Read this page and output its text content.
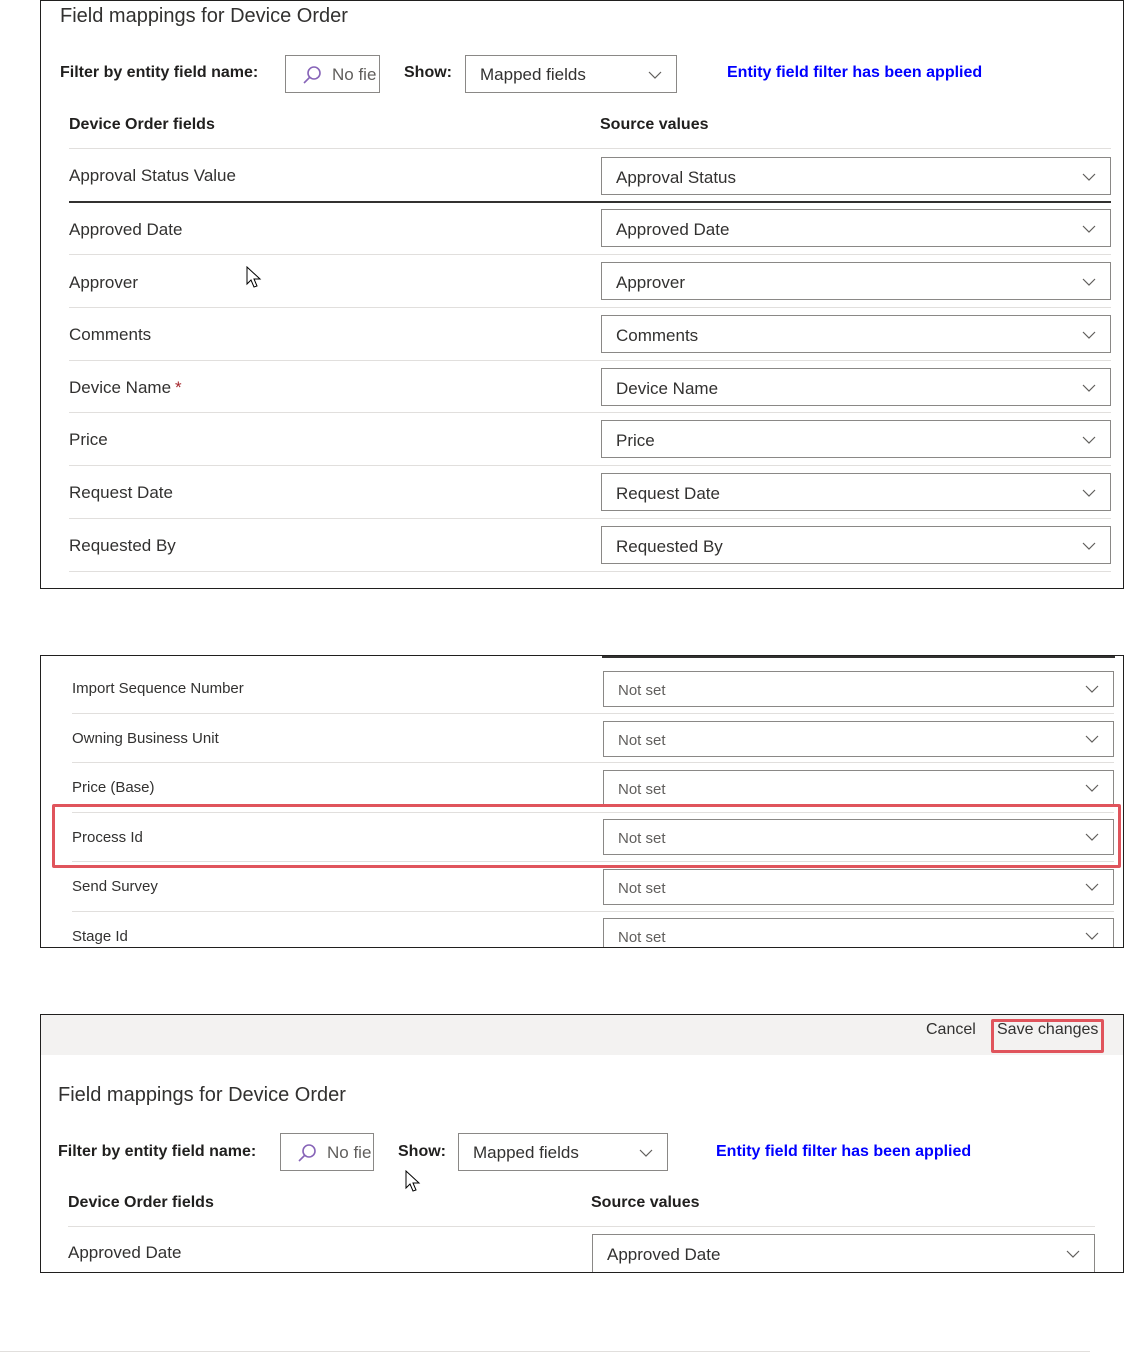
Field mappings for Device Order
Filter by entity field name:	No fie Show: Mapped fields	Entity field filter has been applied
Device Order fields	Source values
Approval Status Value	Approval Status
Approved Date	Approved Date
Approver	Approver
Comments	Comments
Device Name *	Device Name
Price	Price
Request Date	Request Date
Requested By	Requested By
Import Sequence Number	Not set
Owning Business Unit	Not set
Price (Base)	Not set
Process Id	Not set
Send Survey	Not set
Stage Id	Not set
Cancel Save changes
Field mappings for Device Order
Filter by entity field name:	No fie Show: Mapped fields	Entity field filter has been applied
Device Order fields	Source values
Approved Date	Approved Date
